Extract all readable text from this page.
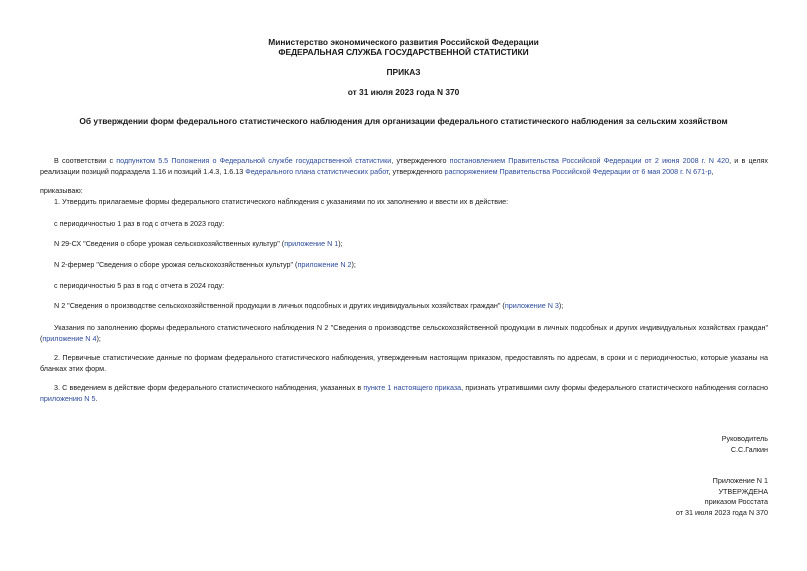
Министерство экономического развития Российской Федерации
ФЕДЕРАЛЬНАЯ СЛУЖБА ГОСУДАРСТВЕННОЙ СТАТИСТИКИ
ПРИКАЗ
от 31 июля 2023 года N 370
Об утверждении форм федерального статистического наблюдения для организации федерального статистического наблюдения за сельским хозяйством

В соответствии с подпунктом 5.5 Положения о Федеральной службе государственной статистики, утвержденного постановлением Правительства Российской Федерации от 2 июня 2008 г. N 420, и в целях реализации позиций подраздела 1.16 и позиций 1.4.3, 1.6.13 Федерального плана статистических работ, утвержденного распоряжением Правительства Российской Федерации от 6 мая 2008 г. N 671-р,

приказываю:

1. Утвердить прилагаемые формы федерального статистического наблюдения с указаниями по их заполнению и ввести их в действие:

с периодичностью 1 раз в год с отчета в 2023 году:

N 29-СХ "Сведения о сборе урожая сельскохозяйственных культур" (приложение N 1);

N 2-фермер "Сведения о сборе урожая сельскохозяйственных культур" (приложение N 2);

с периодичностью 5 раз в год с отчета в 2024 году:

N 2 "Сведения о производстве сельскохозяйственной продукции в личных подсобных и других индивидуальных хозяйствах граждан" (приложение N 3);

Указания по заполнению формы федерального статистического наблюдения N 2 "Сведения о производстве сельскохозяйственной продукции в личных подсобных и других индивидуальных хозяйствах граждан" (приложение N 4);

2. Первичные статистические данные по формам федерального статистического наблюдения, утвержденным настоящим приказом, предоставлять по адресам, в сроки и с периодичностью, которые указаны на бланках этих форм.

3. С введением в действие форм федерального статистического наблюдения, указанных в пункте 1 настоящего приказа, признать утратившими силу формы федерального статистического наблюдения согласно приложению N 5.

Руководитель
С.С.Галкин
Приложение N 1
УТВЕРЖДЕНА
приказом Росстата
от 31 июля 2023 года N 370
